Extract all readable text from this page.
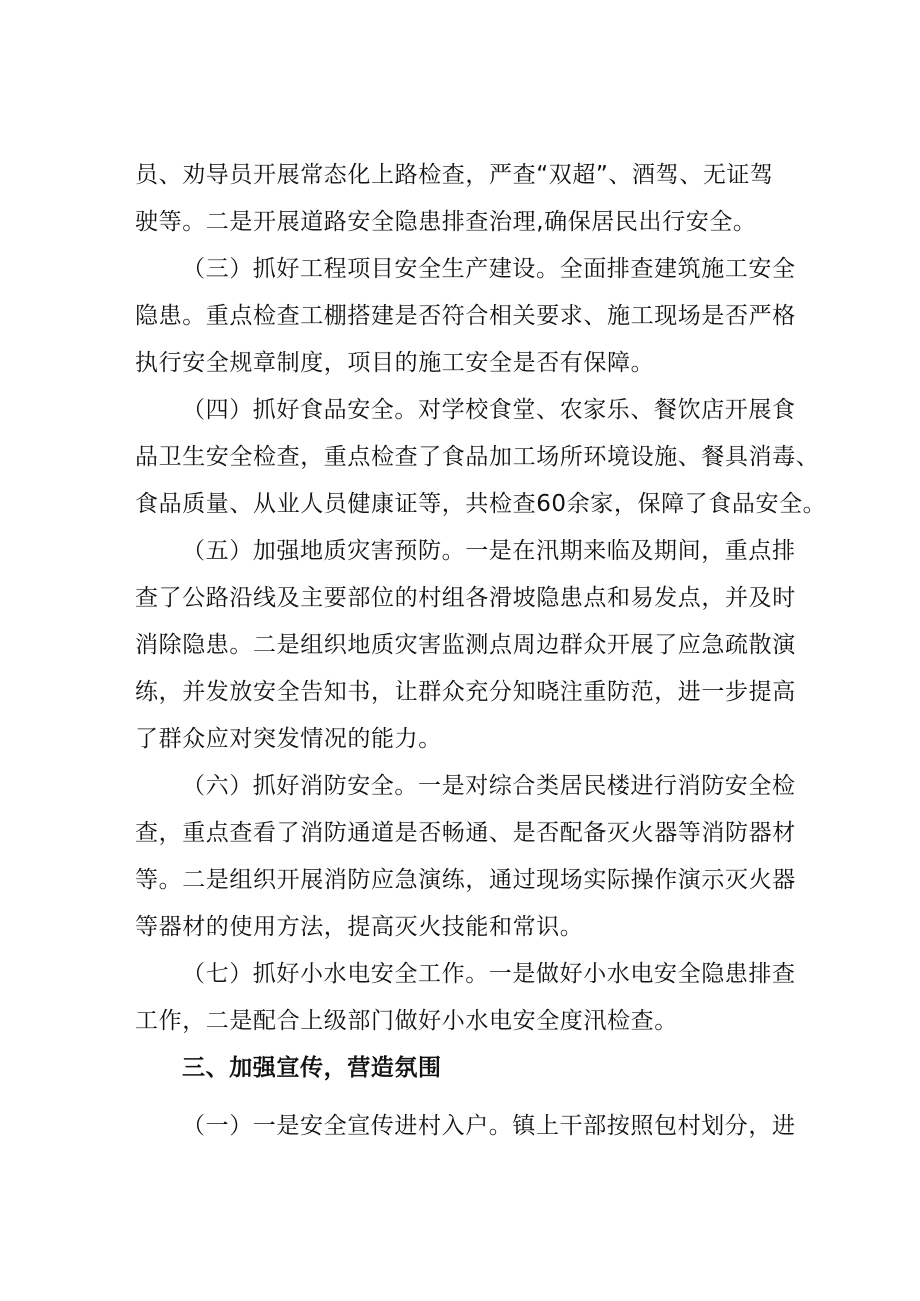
员、劝导员开展常态化上路检查，严查“双超”、酒驾、无证驾
驶等。二是开展道路安全隐患排查治理,确保居民出行安全。
（三）抓好工程项目安全生产建设。全面排查建筑施工安全
隐患。重点检查工棚搭建是否符合相关要求、施工现场是否严格
执行安全规章制度，项目的施工安全是否有保障。
（四）抓好食品安全。对学校食堂、农家乐、餐饮店开展食
品卫生安全检查，重点检查了食品加工场所环境设施、餐具消毒、
食品质量、从业人员健康证等，共检查60余家，保障了食品安全。
（五）加强地质灾害预防。一是在汛期来临及期间，重点排
查了公路沿线及主要部位的村组各滑坡隐患点和易发点，并及时
消除隐患。二是组织地质灾害监测点周边群众开展了应急疏散演
练，并发放安全告知书，让群众充分知晓注重防范，进一步提高
了群众应对突发情况的能力。
（六）抓好消防安全。一是对综合类居民楼进行消防安全检
查，重点查看了消防通道是否畅通、是否配备灭火器等消防器材
等。二是组织开展消防应急演练，通过现场实际操作演示灭火器
等器材的使用方法，提高灭火技能和常识。
（七）抓好小水电安全工作。一是做好小水电安全隐患排查
工作，二是配合上级部门做好小水电安全度汛检查。
三、加强宣传，营造氛围
（一）一是安全宣传进村入户。镇上干部按照包村划分，进
